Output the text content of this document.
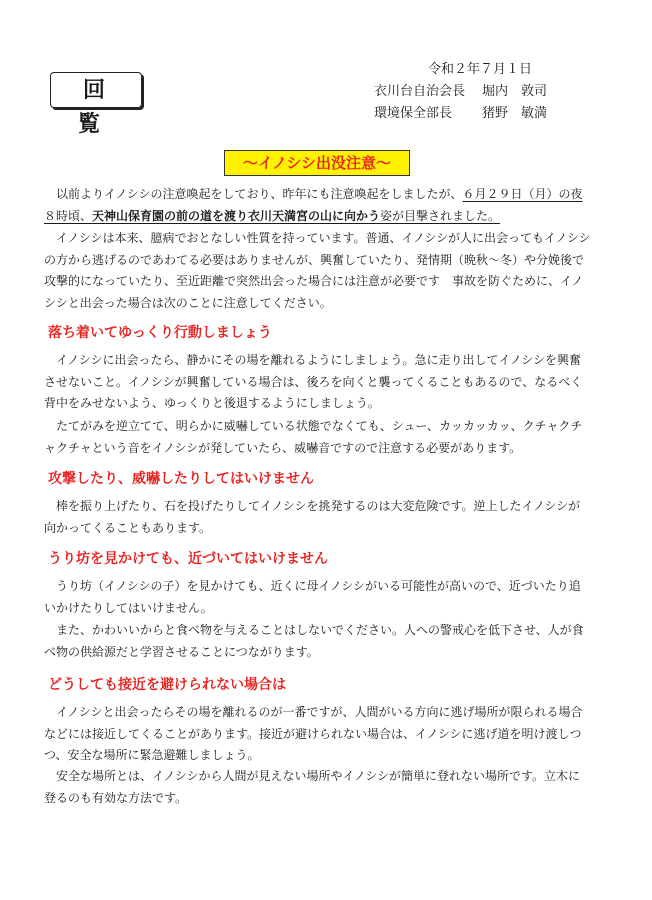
回　覧
令和２年７月１日
衣川台自治会長 堀内　敦司
環境保全部長 猪野　敏満
～イノシシ出没注意～

以前よりイノシシの注意喚起をしており、昨年にも注意喚起をしましたが、６月２９日（月）の夜８時頃、天神山保育園の前の道を渡り衣川天満宮の山に向かう姿が目撃されました。

イノシシは本来、臆病でおとなしい性質を持っています。普通、イノシシが人に出会ってもイノシシの方から逃げるのであわてる必要はありませんが、興奮していたり、発情期（晩秋～冬）や分娩後で攻撃的になっていたり、至近距離で突然出会った場合には注意が必要です　事故を防ぐために、イノシシと出会った場合は次のことに注意してください。

落ち着いてゆっくり行動しましょう

イノシシに出会ったら、静かにその場を離れるようにしましょう。急に走り出してイノシシを興奮させないこと。イノシシが興奮している場合は、後ろを向くと襲ってくることもあるので、なるべく背中をみせないよう、ゆっくりと後退するようにしましょう。

たてがみを逆立てて、明らかに威嚇している状態でなくても、シュー、カッカッカッ、クチャクチャクチャという音をイノシシが発していたら、威嚇音ですので注意する必要があります。

攻撃したり、威嚇したりしてはいけません

棒を振り上げたり、石を投げたりしてイノシシを挑発するのは大変危険です。逆上したイノシシが向かってくることもあります。

うり坊を見かけても、近づいてはいけません

うり坊（イノシシの子）を見かけても、近くに母イノシシがいる可能性が高いので、近づいたり追いかけたりしてはいけません。

また、かわいいからと食べ物を与えることはしないでください。人への警戒心を低下させ、人が食べ物の供給源だと学習させることにつながります。

どうしても接近を避けられない場合は

イノシシと出会ったらその場を離れるのが一番ですが、人間がいる方向に逃げ場所が限られる場合などには接近してくることがあります。接近が避けられない場合は、イノシシに逃げ道を明け渡しつつ、安全な場所に緊急避難しましょう。

安全な場所とは、イノシシから人間が見えない場所やイノシシが簡単に登れない場所です。立木に登るのも有効な方法です。
